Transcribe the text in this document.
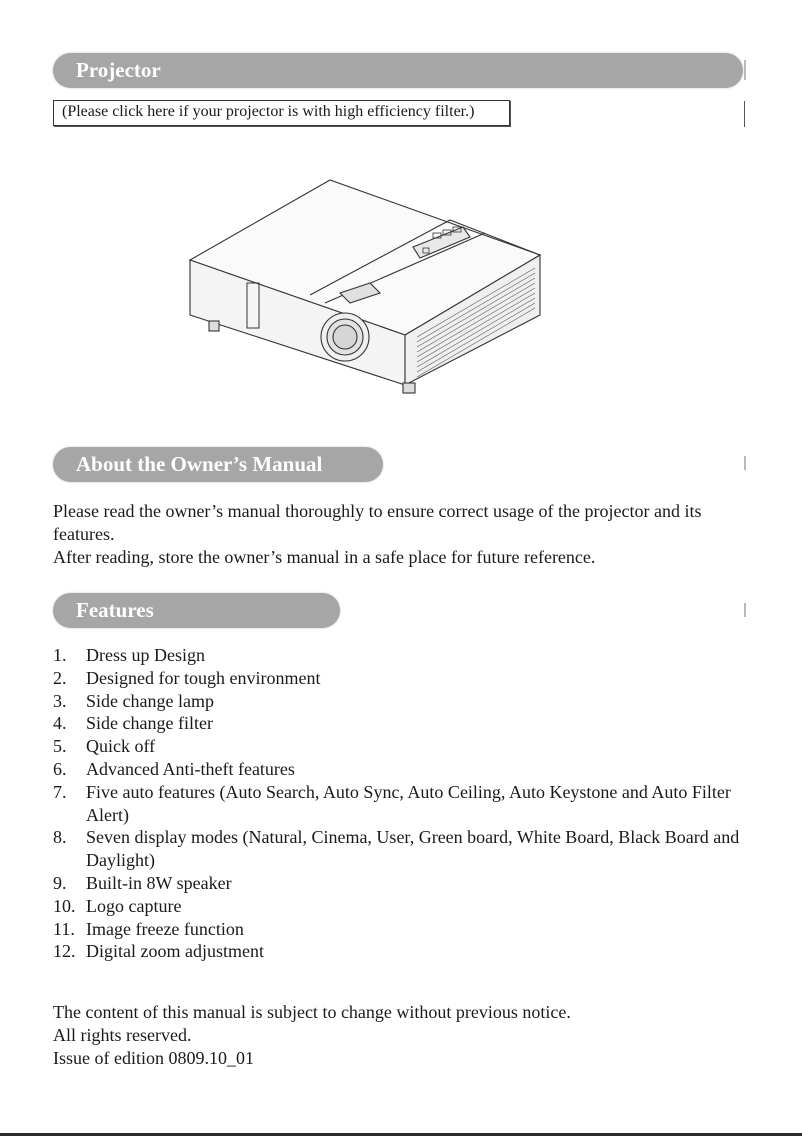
Projector
(Please click here if your projector is with high efficiency filter.)
About the Owner’s Manual
Please read the owner’s manual thoroughly to ensure correct usage of the projector and its
features.
After reading, store the owner’s manual in a safe place for future reference.
Features
1.	Dress up Design
2.	Designed for tough environment
3.	Side change lamp
4.	Side change filter
5.	Quick off
6.	Advanced Anti-theft features
7.	Five auto features (Auto Search, Auto Sync, Auto Ceiling, Auto Keystone and Auto Filter Alert)
8.	Seven display modes (Natural, Cinema, User, Green board, White Board, Black Board and Daylight)
9.	Built-in 8W speaker
10. Logo capture
11. Image freeze function
12. Digital zoom adjustment
The content of this manual is subject to change without previous notice.
All rights reserved.
Issue of edition 0809.10_01
